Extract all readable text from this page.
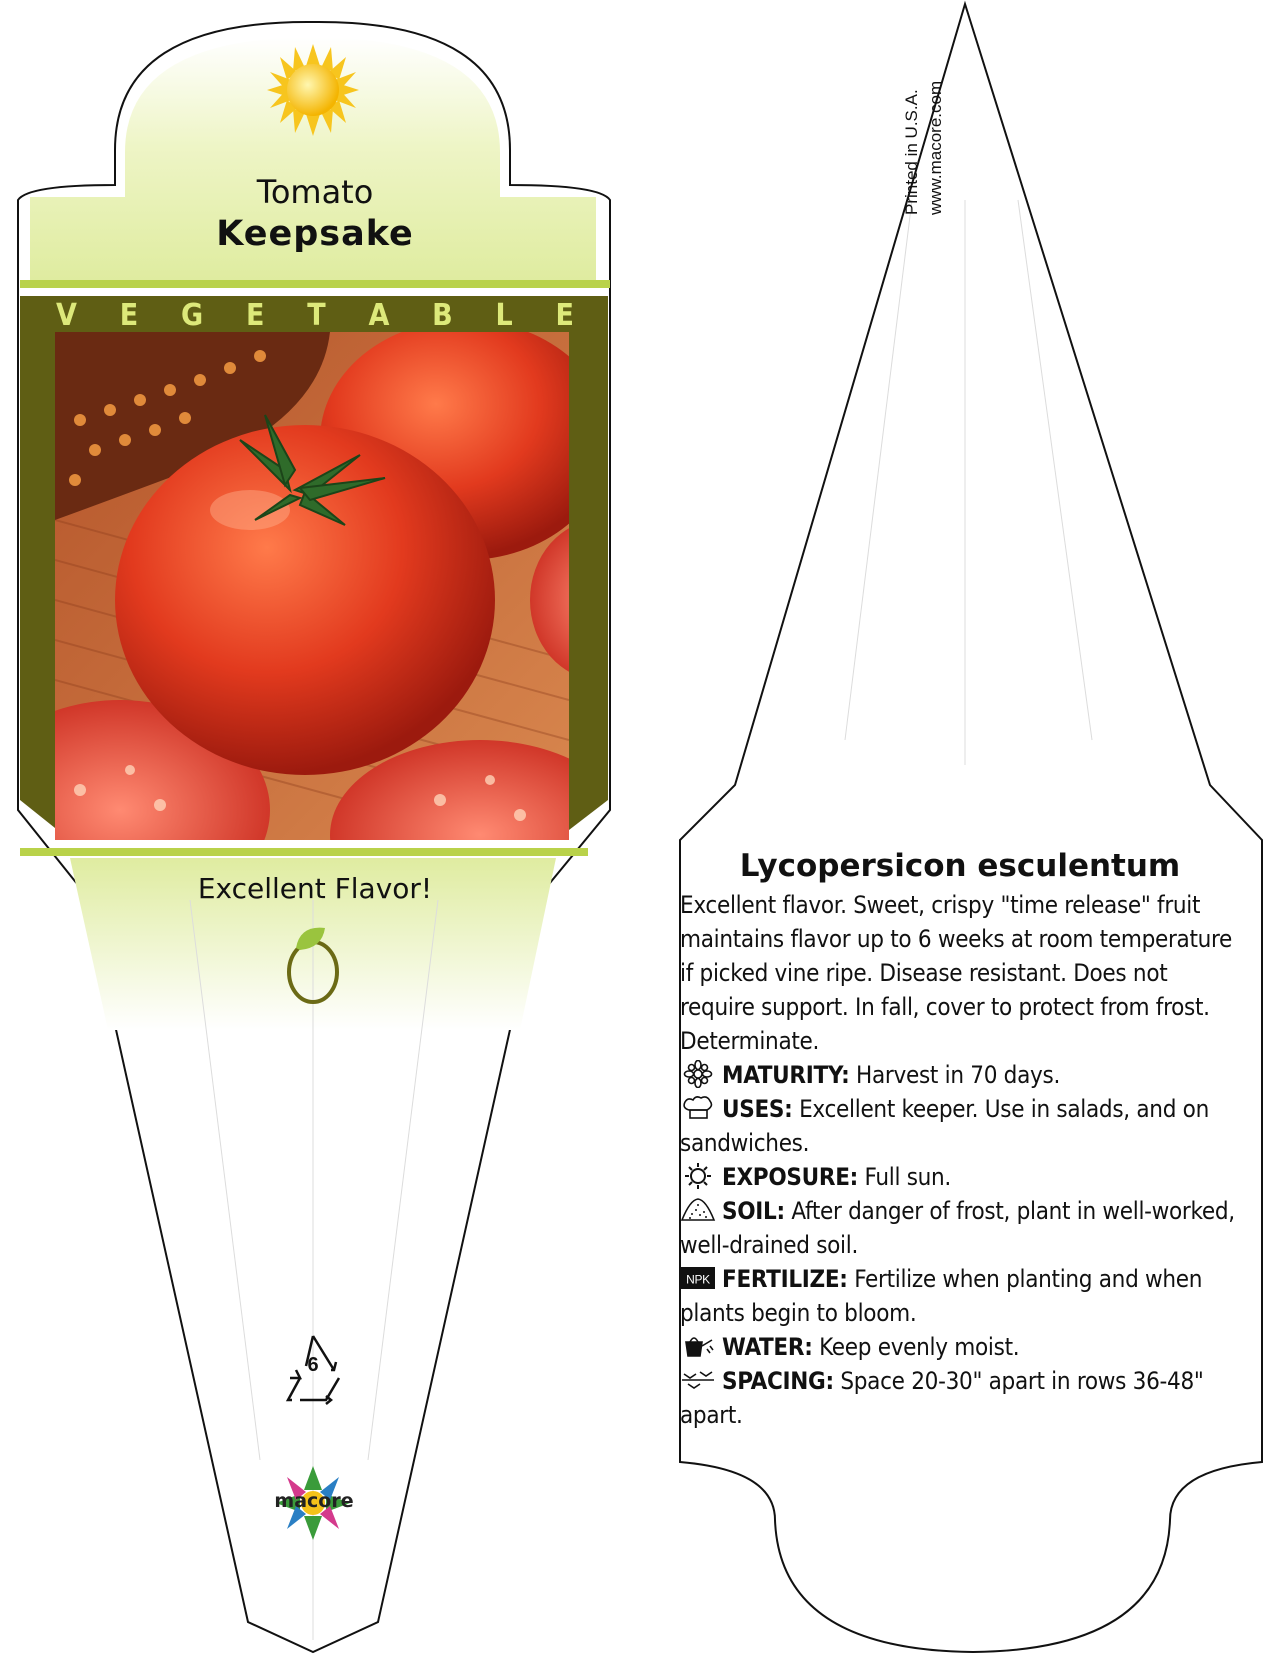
Tomato
Keepsake
V E G E T A B L E
Excellent Flavor!
6
macore
Printed in U.S.A. www.macore.com
Lycopersicon esculentum

Excellent flavor. Sweet, crispy "time release" fruit maintains flavor up to 6 weeks at room temperature if picked vine ripe. Disease resistant. Does not require support. In fall, cover to protect from frost. Determinate.

MATURITY: Harvest in 70 days.

USES: Excellent keeper. Use in salads, and on sandwiches.

EXPOSURE: Full sun.

SOIL: After danger of frost, plant in well-worked, well-drained soil.

NPK FERTILIZE: Fertilize when planting and when plants begin to bloom.

WATER: Keep evenly moist.

SPACING: Space 20-30" apart in rows 36-48" apart.
